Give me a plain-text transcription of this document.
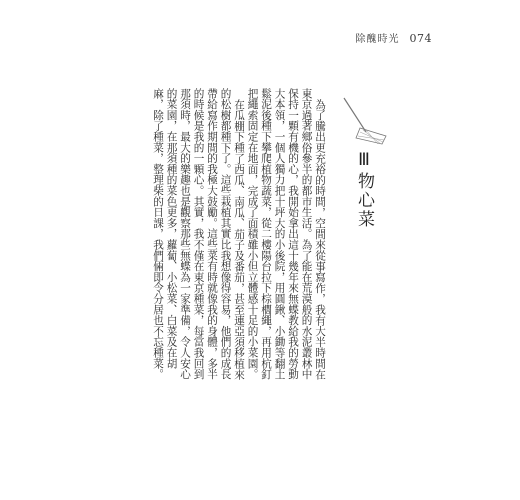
除醜時光 074
Ⅲ物心菜

為了騰出更充裕的時間，空間來從事寫作，我有大半時間在東京過著鄉俗參半的都市生活。為了能在荒漠般的水泥叢林中保持一顆有機的心，我開始拿出這十幾年來無蝶教給我的勞動大本領，一個人獨力把十坪大的小後院，用圓鍬、小鋤等翻土鬆泥後種下攀爬植物蔬菜，從二樓陽台拉下棕櫚繩，再用杭釘把繩索固定在地面，完成了面積雖小但立體感十足的小菜園。

在瓜棚下種了西瓜、南瓜、茄子及番茄，甚至連亞須移植來的松樹都種下了。這些栽植其實比我想像得容易，他們的成長帶給寫作期間的我極大鼓勵。這些菜有時就像我的身體，多半的時候是我的一顆心。其實，我不僅在東京種菜，每當我回到那須時，最大的樂趣也是觀察那些無蝶為一家準備，令人安心的菜園，在那須種的菜色更多，蘿蔔、小松菜、白菜及在胡麻，除了種菜，整理柴的日課，我們倆即令分居也不忘種菜。
